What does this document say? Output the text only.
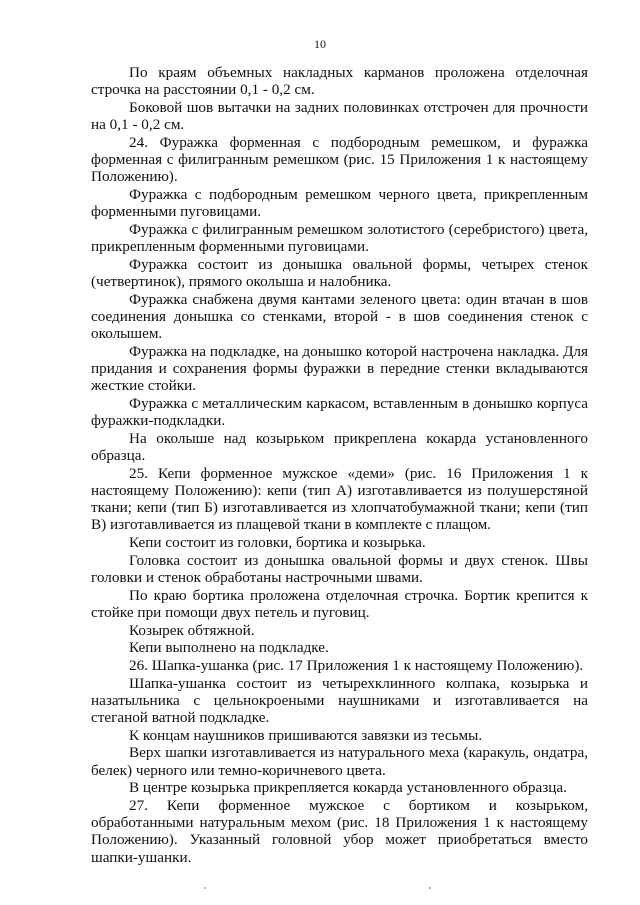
10

По краям объемных накладных карманов проложена отделочная строчка на расстоянии 0,1 - 0,2 см.

Боковой шов вытачки на задних половинках отстрочен для прочности на 0,1 - 0,2 см.

24. Фуражка форменная с подбородным ремешком, и фуражка форменная с филигранным ремешком (рис. 15 Приложения 1 к настоящему Положению).

Фуражка с подбородным ремешком черного цвета, прикрепленным форменными пуговицами.

Фуражка с филигранным ремешком золотистого (серебристого) цвета, прикрепленным форменными пуговицами.

Фуражка состоит из донышка овальной формы, четырех стенок (четвертинок), прямого околыша и налобника.

Фуражка снабжена двумя кантами зеленого цвета: один втачан в шов соединения донышка со стенками, второй - в шов соединения стенок с околышем.

Фуражка на подкладке, на донышко которой настрочена накладка. Для придания и сохранения формы фуражки в передние стенки вкладываются жесткие стойки.

Фуражка с металлическим каркасом, вставленным в донышко корпуса фуражки-подкладки.

На околыше над козырьком прикреплена кокарда установленного образца.

25. Кепи форменное мужское «деми» (рис. 16 Приложения 1 к настоящему Положению): кепи (тип А) изготавливается из полушерстяной ткани; кепи (тип Б) изготавливается из хлопчатобумажной ткани; кепи (тип В) изготавливается из плащевой ткани в комплекте с плащом.

Кепи состоит из головки, бортика и козырька.

Головка состоит из донышка овальной формы и двух стенок. Швы головки и стенок обработаны настрочными швами.

По краю бортика проложена отделочная строчка. Бортик крепится к стойке при помощи двух петель и пуговиц.

Козырек обтяжной.

Кепи выполнено на подкладке.

26. Шапка-ушанка (рис. 17 Приложения 1 к настоящему Положению).

Шапка-ушанка состоит из четырехклинного колпака, козырька и назатыльника с цельнокроеными наушниками и изготавливается на стеганой ватной подкладке.

К концам наушников пришиваются завязки из тесьмы.

Верх шапки изготавливается из натурального меха (каракуль, ондатра, белек) черного или темно-коричневого цвета.

В центре козырька прикрепляется кокарда установленного образца.

27. Кепи форменное мужское с бортиком и козырьком, обработанными натуральным мехом (рис. 18 Приложения 1 к настоящему Положению). Указанный головной убор может приобретаться вместо шапки-ушанки.
